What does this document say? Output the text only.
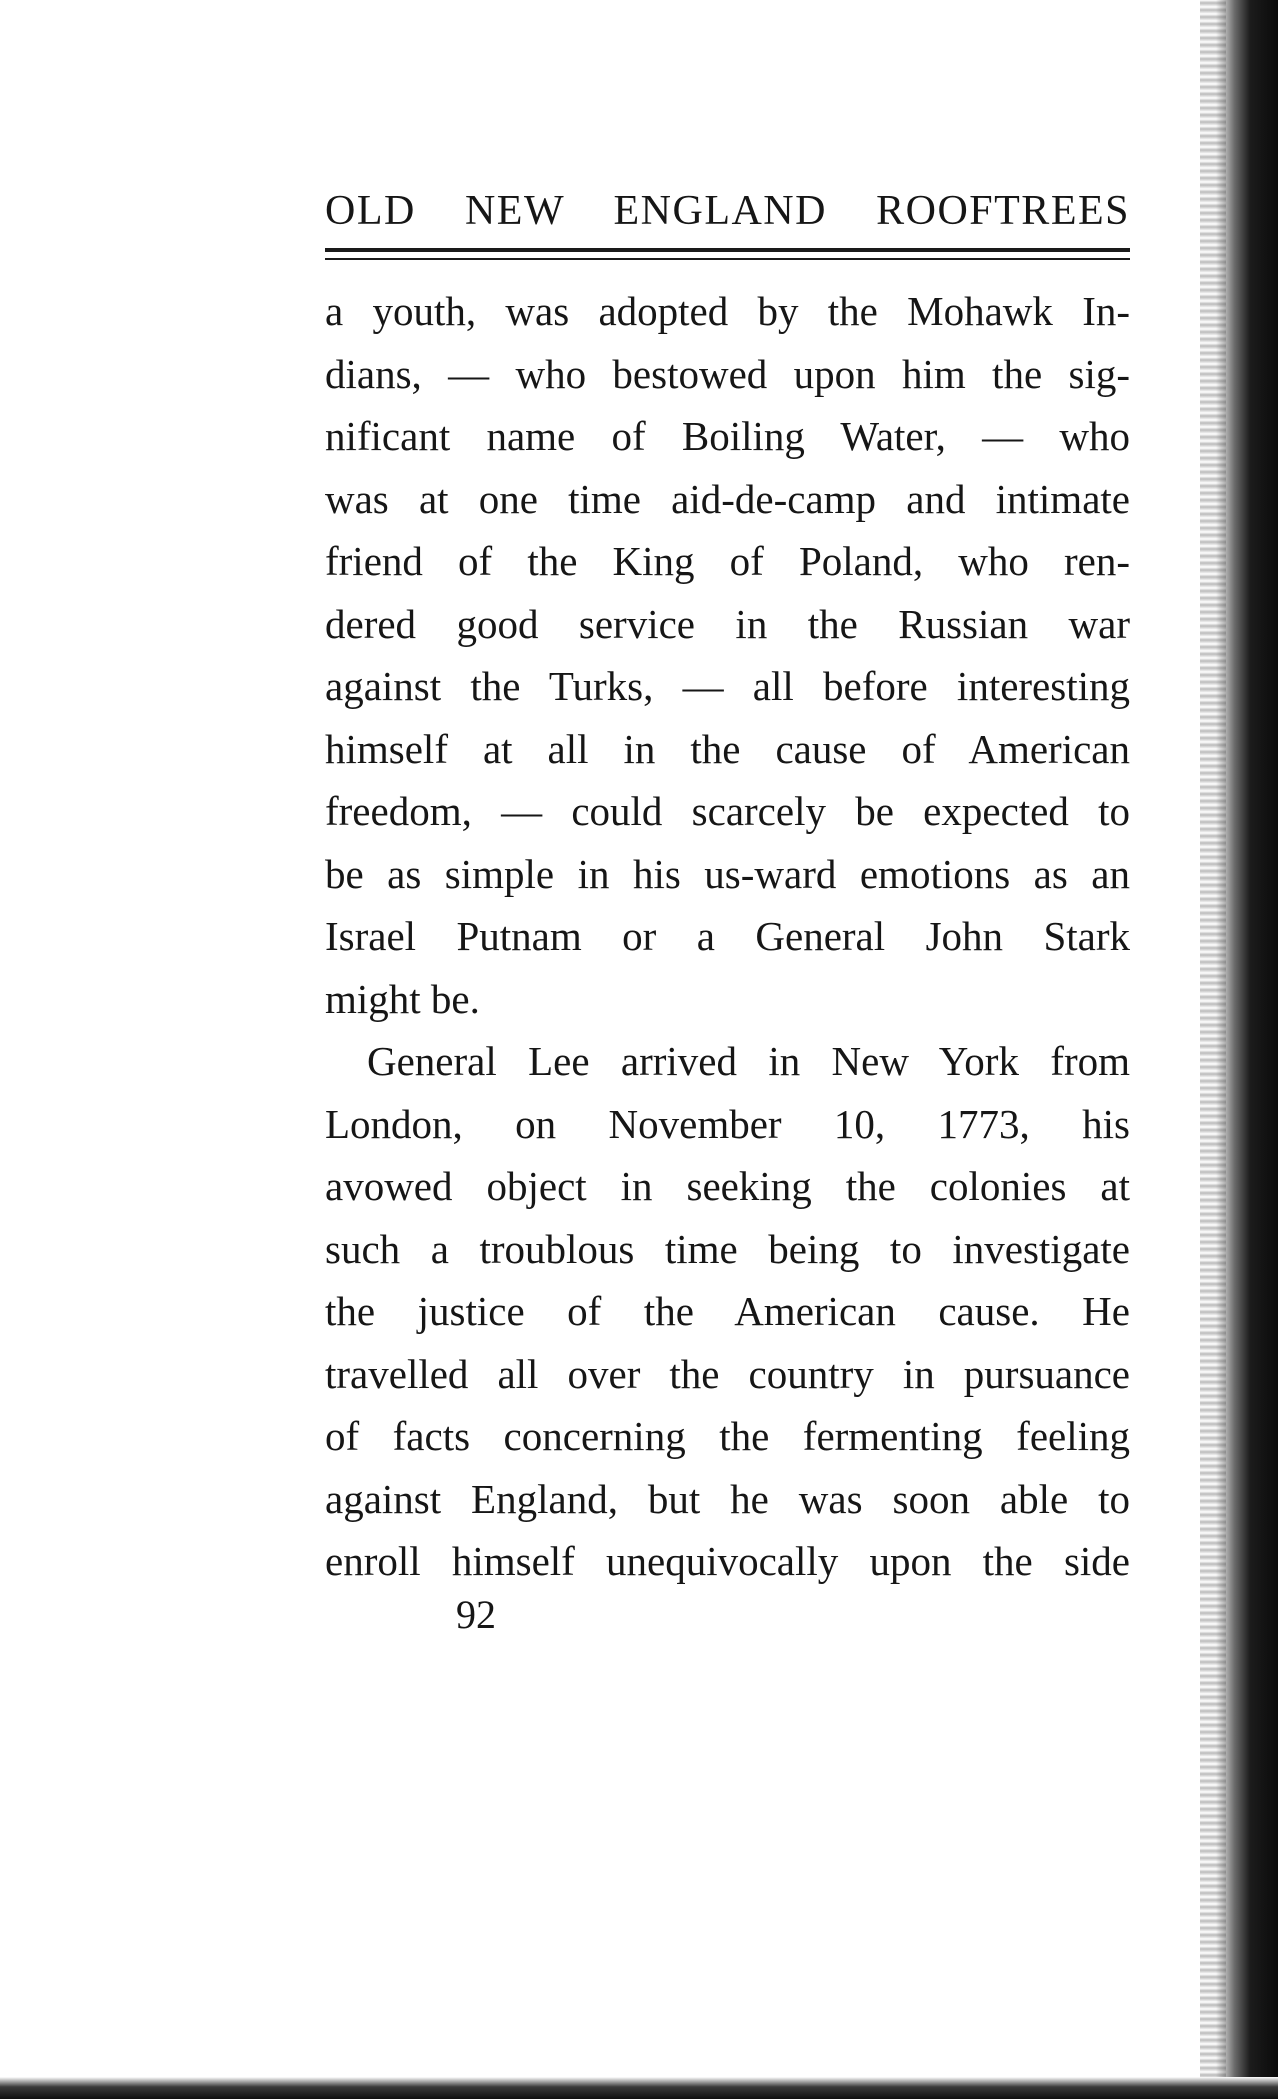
OLD NEW ENGLAND ROOFTREES
a youth, was adopted by the Mohawk In-
dians, — who bestowed upon him the sig-
nificant name of Boiling Water, — who
was at one time aid-de-camp and intimate
friend of the King of Poland, who ren-
dered good service in the Russian war
against the Turks, — all before interesting
himself at all in the cause of American
freedom, — could scarcely be expected to
be as simple in his us-ward emotions as an
Israel Putnam or a General John Stark
might be.
General Lee arrived in New York from
London, on November 10, 1773, his
avowed object in seeking the colonies at
such a troublous time being to investigate
the justice of the American cause. He
travelled all over the country in pursuance
of facts concerning the fermenting feeling
against England, but he was soon able to
enroll himself unequivocally upon the side
92
